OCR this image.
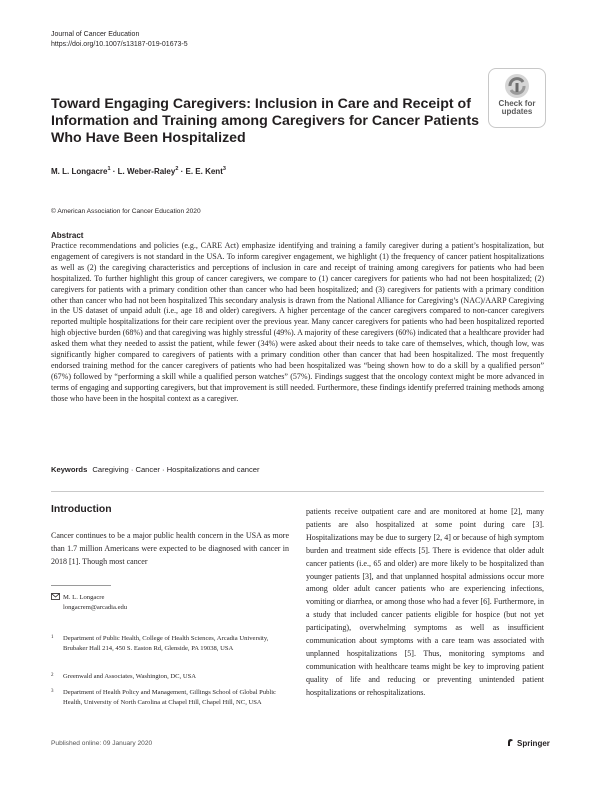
Journal of Cancer Education
https://doi.org/10.1007/s13187-019-01673-5
Check for
updates
Toward Engaging Caregivers: Inclusion in Care and Receipt of Information and Training among Caregivers for Cancer Patients Who Have Been Hospitalized
M. L. Longacre$^1$ · L. Weber-Raley$^2$ · E. E. Kent$^3$
© American Association for Cancer Education 2020
Abstract

Practice recommendations and policies (e.g., CARE Act) emphasize identifying and training a family caregiver during a patient’s hospitalization, but engagement of caregivers is not standard in the USA. To inform caregiver engagement, we highlight (1) the frequency of cancer patient hospitalizations as well as (2) the caregiving characteristics and perceptions of inclusion in care and receipt of training among caregivers for patients who had been hospitalized. To further highlight this group of cancer caregivers, we compare to (1) cancer caregivers for patients who had not been hospitalized; (2) caregivers for patients with a primary condition other than cancer who had been hospitalized; and (3) caregivers for patients with a primary condition other than cancer who had not been hospitalized This secondary analysis is drawn from the National Alliance for Caregiving’s (NAC)/AARP Caregiving in the US dataset of unpaid adult (i.e., age 18 and older) caregivers. A higher percentage of the cancer caregivers compared to non-cancer caregivers reported multiple hospitalizations for their care recipient over the previous year. Many cancer caregivers for patients who had been hospitalized reported high objective burden (68%) and that caregiving was highly stressful (49%). A majority of these caregivers (60%) indicated that a healthcare provider had asked them what they needed to assist the patient, while fewer (34%) were asked about their needs to take care of themselves, which, though low, was significantly higher compared to caregivers of patients with a primary condition other than cancer that had been hospitalized. The most frequently endorsed training method for the cancer caregivers of patients who had been hospitalized was “being shown how to do a skill by a qualified person” (67%) followed by “performing a skill while a qualified person watches” (57%). Findings suggest that the oncology context might be more advanced in terms of engaging and supporting caregivers, but that improvement is still needed. Furthermore, these findings identify preferred training methods among those who have been in the hospital context as a caregiver.

Keywords Caregiving · Cancer · Hospitalizations and cancer
Introduction

Cancer continues to be a major public health concern in the USA as more than 1.7 million Americans were expected to be diagnosed with cancer in 2018 [1]. Though most cancer

patients receive outpatient care and are monitored at home [2], many patients are also hospitalized at some point during care [3]. Hospitalizations may be due to surgery [2, 4] or because of high symptom burden and treatment side effects [5]. There is evidence that older adult cancer patients (i.e., 65 and older) are more likely to be hospitalized than younger patients [3], and that unplanned hospital admissions occur more among older adult cancer patients who are experiencing infections, vomiting or diarrhea, or among those who had a fever [6]. Furthermore, in a study that included cancer patients eligible for hospice (but not yet participating), overwhelming symptoms as well as insufficient communication about symptoms with a care team was associated with unplanned hospitalizations [5]. Thus, monitoring symptoms and communication with healthcare teams might be key to improving patient quality of life and reducing or preventing unintended patient hospitalizations or rehospitalizations.

M. L. Longacre
longacrem@arcadia.edu
1 Department of Public Health, College of Health Sciences, Arcadia University, Brubaker Hall 214, 450 S. Easton Rd, Glenside, PA 19038, USA
2 Greenwald and Associates, Washington, DC, USA
3 Department of Health Policy and Management, Gillings School of Global Public Health, University of North Carolina at Chapel Hill, Chapel Hill, NC, USA
Published online: 09 January 2020	Springer
